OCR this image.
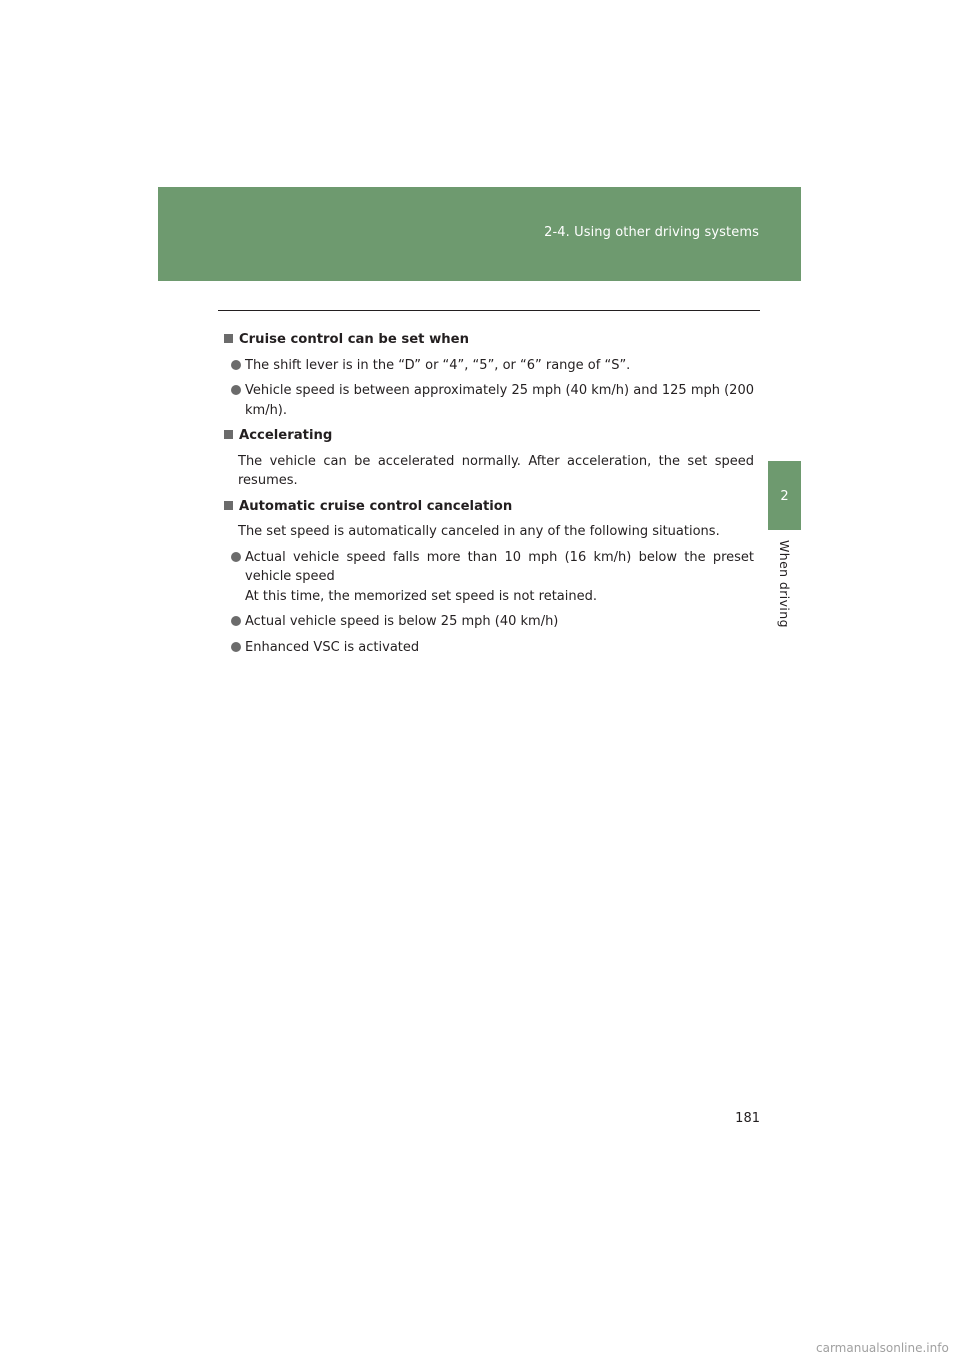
2-4. Using other driving systems
2
When driving
Cruise control can be set when
The shift lever is in the “D” or “4”, “5”, or “6” range of “S”.
Vehicle speed is between approximately 25 mph (40 km/h) and 125 mph (200 km/h).
Accelerating
The vehicle can be accelerated normally. After acceleration, the set speed resumes.
Automatic cruise control cancelation
The set speed is automatically canceled in any of the following situations.
Actual vehicle speed falls more than 10 mph (16 km/h) below the preset vehicle speed
At this time, the memorized set speed is not retained.
Actual vehicle speed is below 25 mph (40 km/h)
Enhanced VSC is activated
181
carmanualsonline.info
